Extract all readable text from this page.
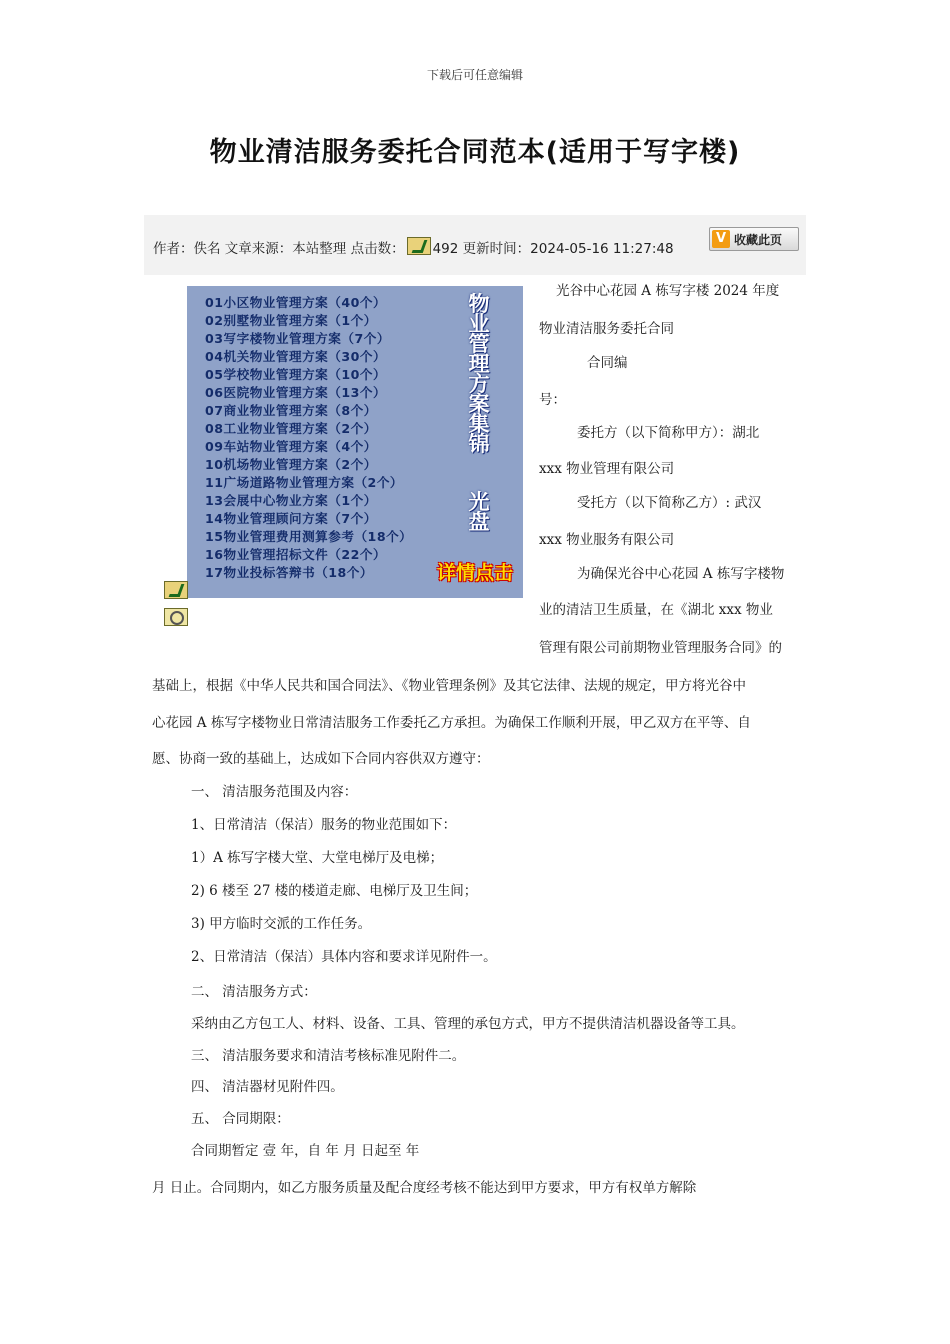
下载后可任意编辑
物业清洁服务委托合同范本(适用于写字楼)
作者：佚名 文章来源：本站整理 点击数： 492 更新时间：2024-05-16 11:27:48
V 收藏此页
01小区物业管理方案（40个）
02别墅物业管理方案（1个）
03写字楼物业管理方案（7个）
04机关物业管理方案（30个）
05学校物业管理方案（10个）
06医院物业管理方案（13个）
07商业物业管理方案（8个）
08工业物业管理方案（2个）
09车站物业管理方案（4个）
10机场物业管理方案（2个）
11广场道路物业管理方案（2个）
13会展中心物业方案（1个）
14物业管理顾问方案（7个）
15物业管理费用测算参考（18个）
16物业管理招标文件（22个）
17物业投标答辩书（18个）
物
业
管
理
方
案
集
锦
光
盘
详情点击
光谷中心花园 A 栋写字楼 2024 年度
物业清洁服务委托合同
合同编
号：
委托方（以下简称甲方）：湖北
xxx 物业管理有限公司
受托方（以下简称乙方）: 武汉
xxx 物业服务有限公司
为确保光谷中心花园 A 栋写字楼物
业的清洁卫生质量，在《湖北 xxx 物业
管理有限公司前期物业管理服务合同》的
基础上，根据《中华人民共和国合同法》、《物业管理条例》及其它法律、法规的规定，甲方将光谷中
心花园 A 栋写字楼物业日常清洁服务工作委托乙方承担。为确保工作顺利开展，甲乙双方在平等、自
愿、协商一致的基础上，达成如下合同内容供双方遵守：
一、 清洁服务范围及内容：
1、日常清洁（保洁）服务的物业范围如下：
1）A 栋写字楼大堂、大堂电梯厅及电梯；
2) 6 楼至 27 楼的楼道走廊、电梯厅及卫生间；
3) 甲方临时交派的工作任务。
2、日常清洁（保洁）具体内容和要求详见附件一。
二、 清洁服务方式：
采纳由乙方包工人、材料、设备、工具、管理的承包方式，甲方不提供清洁机器设备等工具。
三、 清洁服务要求和清洁考核标准见附件二。
四、 清洁器材见附件四。
五、 合同期限：
合同期暂定 壹 年，自 年 月 日起至 年
月 日止。合同期内，如乙方服务质量及配合度经考核不能达到甲方要求，甲方有权单方解除
